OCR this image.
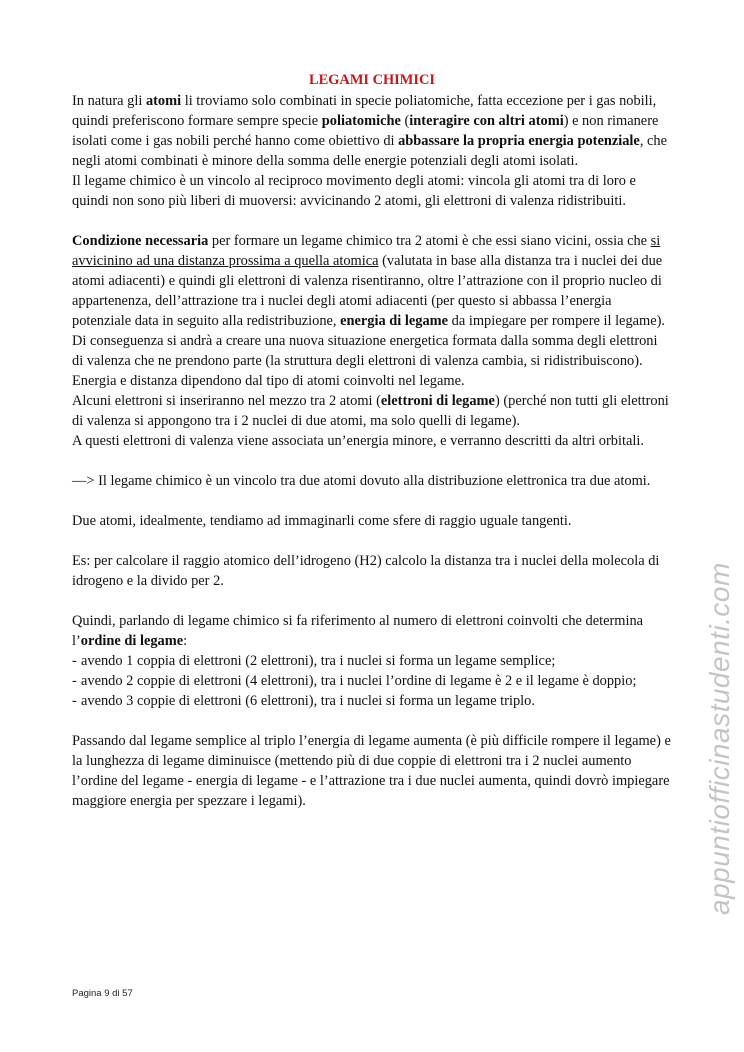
LEGAMI CHIMICI

In natura gli atomi li troviamo solo combinati in specie poliatomiche, fatta eccezione per i gas nobili, quindi preferiscono formare sempre specie poliatomiche (interagire con altri atomi) e non rimanere isolati come i gas nobili perché hanno come obiettivo di abbassare la propria energia potenziale, che negli atomi combinati è minore della somma delle energie potenziali degli atomi isolati.

Il legame chimico è un vincolo al reciproco movimento degli atomi: vincola gli atomi tra di loro e quindi non sono più liberi di muoversi: avvicinando 2 atomi, gli elettroni di valenza ridistribuiti.

Condizione necessaria per formare un legame chimico tra 2 atomi è che essi siano vicini, ossia che si avvicinino ad una distanza prossima a quella atomica (valutata in base alla distanza tra i nuclei dei due atomi adiacenti) e quindi gli elettroni di valenza risentiranno, oltre l’attrazione con il proprio nucleo di appartenenza, dell’attrazione tra i nuclei degli atomi adiacenti (per questo si abbassa l’energia potenziale data in seguito alla redistribuzione, energia di legame da impiegare per rompere il legame). Di conseguenza si andrà a creare una nuova situazione energetica formata dalla somma degli elettroni di valenza che ne prendono parte (la struttura degli elettroni di valenza cambia, si ridistribuiscono).

Energia e distanza dipendono dal tipo di atomi coinvolti nel legame.

Alcuni elettroni si inseriranno nel mezzo tra 2 atomi (elettroni di legame) (perché non tutti gli elettroni di valenza si appongono tra i 2 nuclei di due atomi, ma solo quelli di legame).

A questi elettroni di valenza viene associata un’energia minore, e verranno descritti da altri orbitali.

—> Il legame chimico è un vincolo tra due atomi dovuto alla distribuzione elettronica tra due atomi.

Due atomi, idealmente, tendiamo ad immaginarli come sfere di raggio uguale tangenti.

Es: per calcolare il raggio atomico dell’idrogeno (H2) calcolo la distanza tra i nuclei della molecola di idrogeno e la divido per 2.

Quindi, parlando di legame chimico si fa riferimento al numero di elettroni coinvolti che determina l’ordine di legame:

- avendo 1 coppia di elettroni (2 elettroni), tra i nuclei si forma un legame semplice;
- avendo 2 coppie di elettroni (4 elettroni), tra i nuclei l’ordine di legame è 2 e il legame è doppio;
- avendo 3 coppie di elettroni (6 elettroni), tra i nuclei si forma un legame triplo.

Passando dal legame semplice al triplo l’energia di legame aumenta (è più difficile rompere il legame) e la lunghezza di legame diminuisce (mettendo più di due coppie di elettroni tra i 2 nuclei aumento l’ordine del legame - energia di legame - e l’attrazione tra i due nuclei aumenta, quindi dovrò impiegare maggiore energia per spezzare i legami).

Pagina 9 di 57
appuntiofficinastudenti.com
